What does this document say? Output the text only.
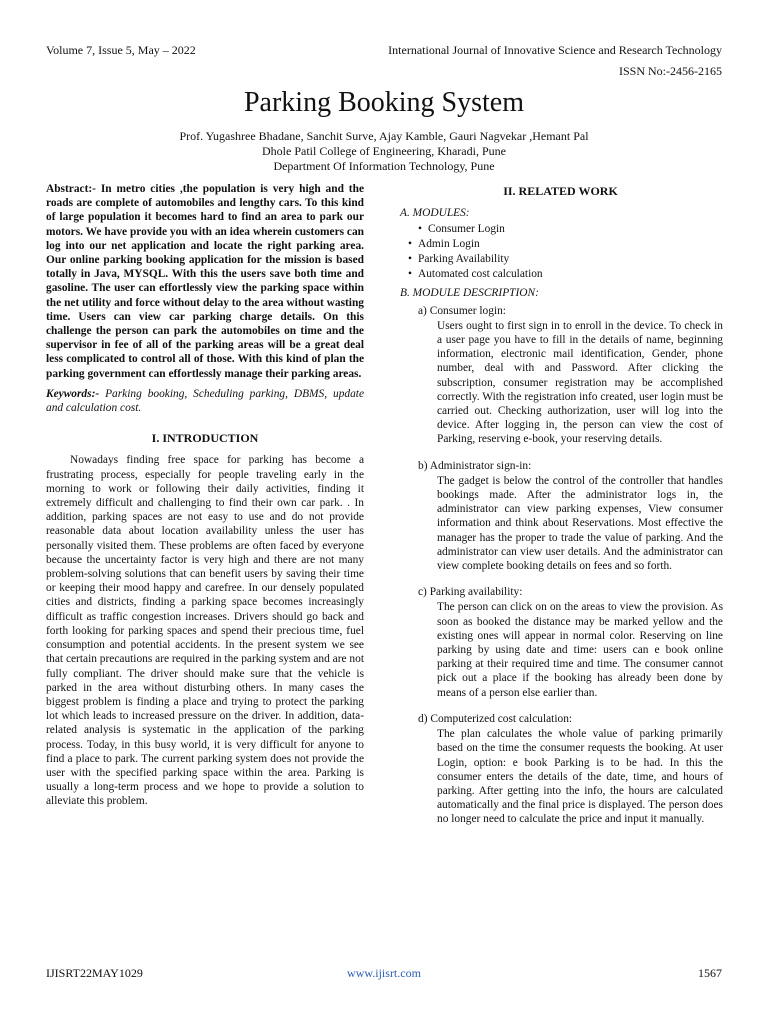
Volume 7, Issue 5, May – 2022	International Journal of Innovative Science and Research Technology
ISSN No:-2456-2165
Parking Booking System
Prof. Yugashree Bhadane, Sanchit Surve, Ajay Kamble, Gauri Nagvekar ,Hemant Pal
Dhole Patil College of Engineering, Kharadi, Pune
Department Of Information Technology, Pune

Abstract:- In metro cities ,the population is very high and the roads are complete of automobiles and lengthy cars. To this kind of large population it becomes hard to find an area to park our motors. We have provide you with an idea wherein customers can log into our net application and locate the right parking area. Our online parking booking application for the mission is based totally in Java, MYSQL. With this the users save both time and gasoline. The user can effortlessly view the parking space within the net utility and force without delay to the area without wasting time. Users can view car parking charge details. On this challenge the person can park the automobiles on time and the supervisor in fee of all of the parking areas will be a great deal less complicated to control all of those. With this kind of plan the parking government can effortlessly manage their parking areas.

Keywords:- Parking booking, Scheduling parking, DBMS, update and calculation cost.

I. INTRODUCTION

Nowadays finding free space for parking has become a frustrating process, especially for people traveling early in the morning to work or following their daily activities, finding it extremely difficult and challenging to find their own car park. . In addition, parking spaces are not easy to use and do not provide reasonable data about location availability unless the user has personally visited them. These problems are often faced by everyone because the uncertainty factor is very high and there are not many problem-solving solutions that can benefit users by saving their time or keeping their mood happy and carefree. In our densely populated cities and districts, finding a parking space becomes increasingly difficult as traffic congestion increases. Drivers should go back and forth looking for parking spaces and spend their precious time, fuel consumption and potential accidents. In the present system we see that certain precautions are required in the parking system and are not fully compliant. The driver should make sure that the vehicle is parked in the area without disturbing others. In many cases the biggest problem is finding a place and trying to protect the parking lot which leads to increased pressure on the driver. In addition, data-related analysis is systematic in the application of the parking process. Today, in this busy world, it is very difficult for anyone to find a place to park. The current parking system does not provide the user with the specified parking space within the area. Parking is usually a long-term process and we hope to provide a solution to alleviate this problem.

II. RELATED WORK
A. MODULES:
• Consumer Login
• Admin Login
• Parking Availability
• Automated cost calculation
B. MODULE DESCRIPTION:
a) Consumer login:

Users ought to first sign in to enroll in the device. To check in a user page you have to fill in the details of name, beginning information, electronic mail identification, Gender, phone number, deal with and Password. After clicking the subscription, consumer registration may be accomplished correctly. With the registration info created, user login must be carried out. Checking authorization, user will log into the device. After logging in, the person can view the cost of Parking, reserving e-book, your reserving details.

b) Administrator sign-in:

The gadget is below the control of the controller that handles bookings made. After the administrator logs in, the administrator can view parking expenses, View consumer information and think about Reservations. Most effective the manager has the proper to trade the value of parking. And the administrator can view user details. And the administrator can view complete booking details on fees and so forth.

c) Parking availability:

The person can click on on the areas to view the provision. As soon as booked the distance may be marked yellow and the existing ones will appear in normal color. Reserving on line parking by using date and time: users can e book online parking at their required time and time. The consumer cannot pick out a place if the booking has already been done by means of a person else earlier than.

d) Computerized cost calculation:

The plan calculates the whole value of parking primarily based on the time the consumer requests the booking. At user Login, option: e book Parking is to be had. In this the consumer enters the details of the date, time, and hours of parking. After getting into the info, the hours are calculated automatically and the final price is displayed. The person does no longer need to calculate the price and input it manually.

IJISRT22MAY1029	www.ijisrt.com	1567
